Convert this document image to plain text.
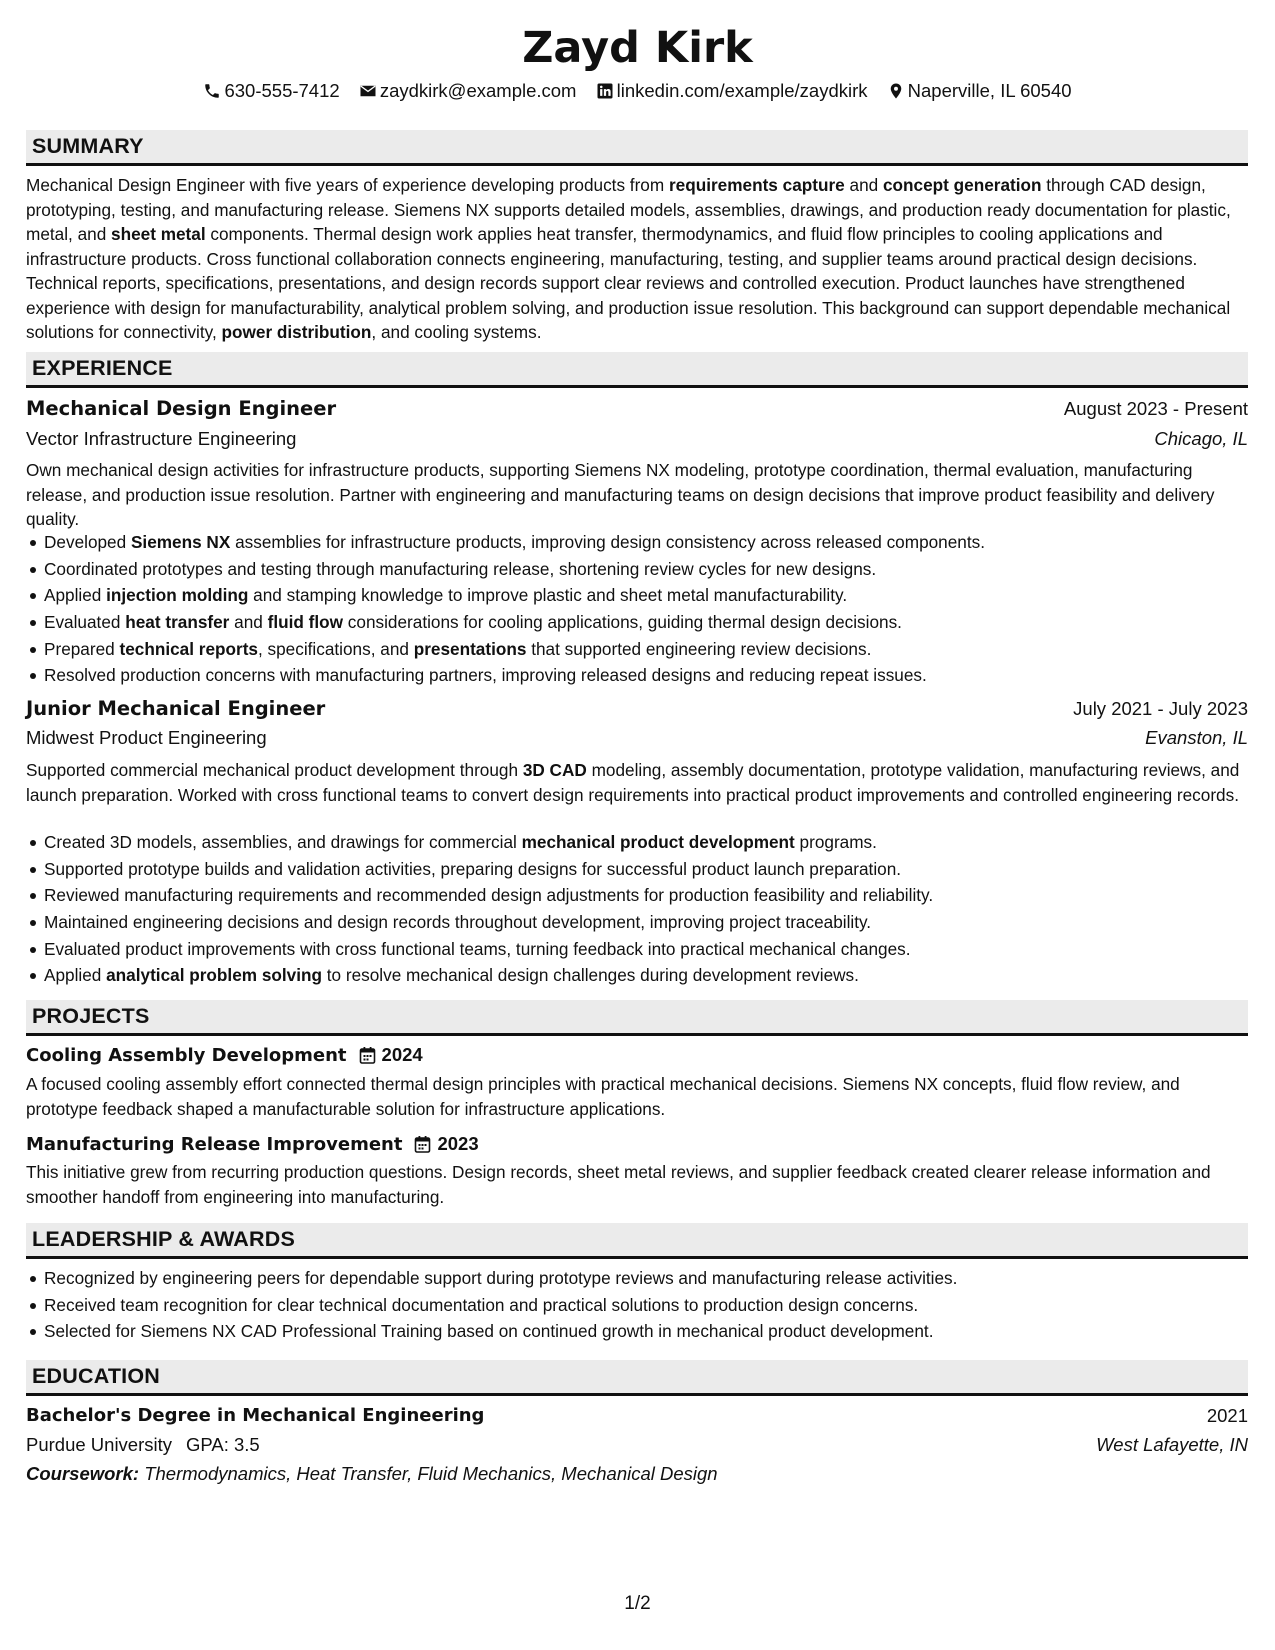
Zayd Kirk
630-555-7412 zaydkirk@example.com linkedin.com/example/zaydkirk Naperville, IL 60540
SUMMARY
Mechanical Design Engineer with five years of experience developing products from requirements capture and concept generation through CAD design, prototyping, testing, and manufacturing release. Siemens NX supports detailed models, assemblies, drawings, and production ready documentation for plastic, metal, and sheet metal components. Thermal design work applies heat transfer, thermodynamics, and fluid flow principles to cooling applications and infrastructure products. Cross functional collaboration connects engineering, manufacturing, testing, and supplier teams around practical design decisions. Technical reports, specifications, presentations, and design records support clear reviews and controlled execution. Product launches have strengthened experience with design for manufacturability, analytical problem solving, and production issue resolution. This background can support dependable mechanical solutions for connectivity, power distribution, and cooling systems.
EXPERIENCE
Mechanical Design Engineer	August 2023 - Present
Vector Infrastructure Engineering	Chicago, IL
Own mechanical design activities for infrastructure products, supporting Siemens NX modeling, prototype coordination, thermal evaluation, manufacturing release, and production issue resolution. Partner with engineering and manufacturing teams on design decisions that improve product feasibility and delivery quality.
Developed Siemens NX assemblies for infrastructure products, improving design consistency across released components.
Coordinated prototypes and testing through manufacturing release, shortening review cycles for new designs.
Applied injection molding and stamping knowledge to improve plastic and sheet metal manufacturability.
Evaluated heat transfer and fluid flow considerations for cooling applications, guiding thermal design decisions.
Prepared technical reports, specifications, and presentations that supported engineering review decisions.
Resolved production concerns with manufacturing partners, improving released designs and reducing repeat issues.
Junior Mechanical Engineer	July 2021 - July 2023
Midwest Product Engineering	Evanston, IL
Supported commercial mechanical product development through 3D CAD modeling, assembly documentation, prototype validation, manufacturing reviews, and launch preparation. Worked with cross functional teams to convert design requirements into practical product improvements and controlled engineering records.
Created 3D models, assemblies, and drawings for commercial mechanical product development programs.
Supported prototype builds and validation activities, preparing designs for successful product launch preparation.
Reviewed manufacturing requirements and recommended design adjustments for production feasibility and reliability.
Maintained engineering decisions and design records throughout development, improving project traceability.
Evaluated product improvements with cross functional teams, turning feedback into practical mechanical changes.
Applied analytical problem solving to resolve mechanical design challenges during development reviews.
PROJECTS
Cooling Assembly Development 2024
A focused cooling assembly effort connected thermal design principles with practical mechanical decisions. Siemens NX concepts, fluid flow review, and prototype feedback shaped a manufacturable solution for infrastructure applications.
Manufacturing Release Improvement 2023
This initiative grew from recurring production questions. Design records, sheet metal reviews, and supplier feedback created clearer release information and smoother handoff from engineering into manufacturing.
LEADERSHIP & AWARDS
Recognized by engineering peers for dependable support during prototype reviews and manufacturing release activities.
Received team recognition for clear technical documentation and practical solutions to production design concerns.
Selected for Siemens NX CAD Professional Training based on continued growth in mechanical product development.
EDUCATION
Bachelor's Degree in Mechanical Engineering	2021
Purdue University GPA: 3.5	West Lafayette, IN
Coursework: Thermodynamics, Heat Transfer, Fluid Mechanics, Mechanical Design
1/2
